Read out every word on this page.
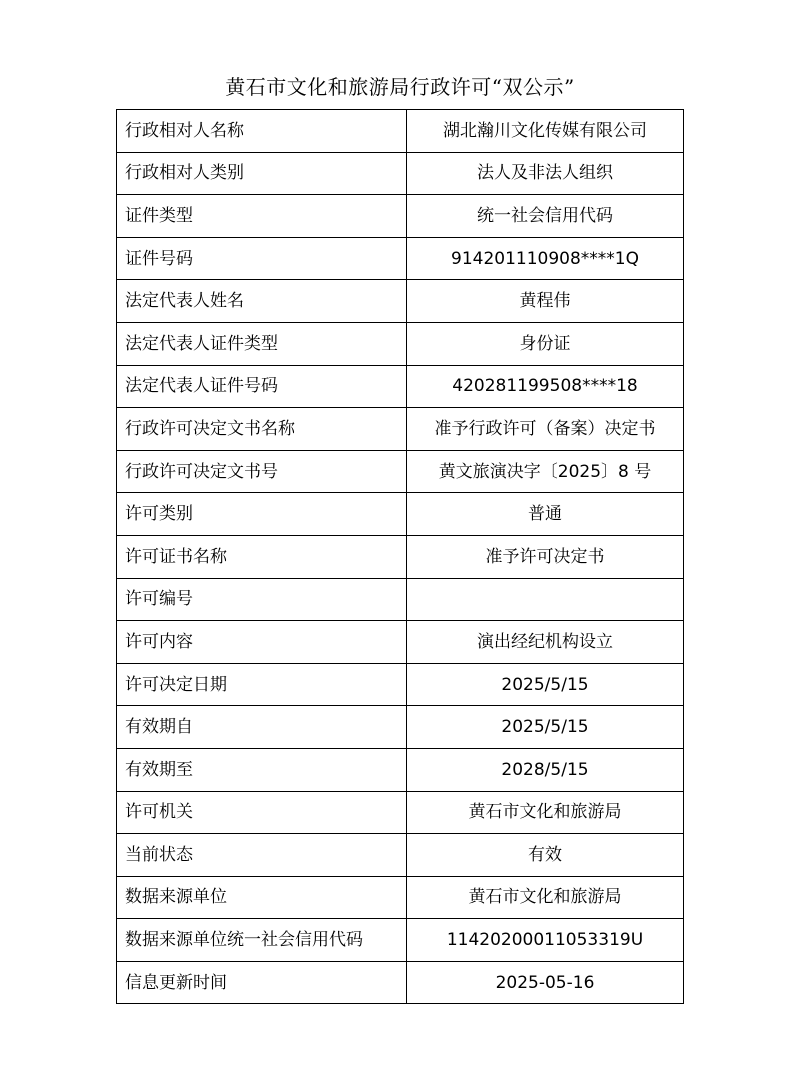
黄石市文化和旅游局行政许可“双公示”
行政相对人名称	湖北瀚川文化传媒有限公司
行政相对人类别	法人及非法人组织
证件类型	统一社会信用代码
证件号码	914201110908****1Q
法定代表人姓名	黄程伟
法定代表人证件类型	身份证
法定代表人证件号码	420281199508****18
行政许可决定文书名称	准予行政许可（备案）决定书
行政许可决定文书号	黄文旅演决字〔2025〕8 号
许可类别	普通
许可证书名称	准予许可决定书
许可编号	
许可内容	演出经纪机构设立
许可决定日期	2025/5/15
有效期自	2025/5/15
有效期至	2028/5/15
许可机关	黄石市文化和旅游局
当前状态	有效
数据来源单位	黄石市文化和旅游局
数据来源单位统一社会信用代码	11420200011053319U
信息更新时间	2025-05-16
